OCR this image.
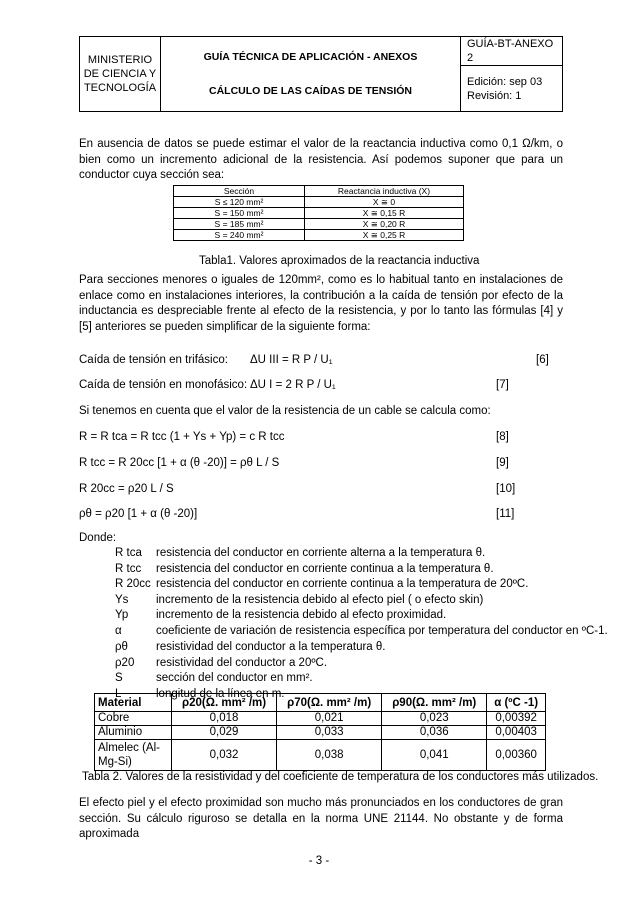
MINISTERIO
DE CIENCIA Y
TECNOLOGÍA

GUÍA TÉCNICA DE APLICACIÓN - ANEXOS
CÁLCULO DE LAS CAÍDAS DE TENSIÓN

GUÍA-BT-ANEXO 2

Edición: sep 03
Revisión: 1
En ausencia de datos se puede estimar el valor de la reactancia inductiva como 0,1 Ω/km, o bien como un incremento adicional de la resistencia. Así podemos suponer que para un conductor cuya sección sea:
Sección	Reactancia inductiva (X)
S ≤ 120 mm²	X ≅ 0
S = 150 mm²	X ≅ 0,15 R
S = 185 mm²	X ≅ 0,20 R
S = 240 mm²	X ≅ 0,25 R
Tabla1. Valores aproximados de la reactancia inductiva
Para secciones menores o iguales de 120mm², como es lo habitual tanto en instalaciones de enlace como en instalaciones interiores, la contribución a la caída de tensión por efecto de la inductancia es despreciable frente al efecto de la resistencia, y por lo tanto las fórmulas [4] y [5] anteriores se pueden simplificar de la siguiente forma:
Caída de tensión en trifásico: ΔU III = R P / U₁	[6]
Caída de tensión en monofásico: ΔU I = 2 R P / U₁	[7]
Si tenemos en cuenta que el valor de la resistencia de un cable se calcula como:
R = R tca = R tcc (1 + Ys + Yp) = c R tcc	[8]
R tcc = R 20cc [1 + α (θ -20)] = ρθ L / S	[9]
R 20cc = ρ20 L / S	[10]
ρθ = ρ20 [1 + α (θ -20)]	[11]
Donde:
R tca	resistencia del conductor en corriente alterna a la temperatura θ.
R tcc	resistencia del conductor en corriente continua a la temperatura θ.
R 20cc resistencia del conductor en corriente continua a la temperatura de 20ºC.
Ys	incremento de la resistencia debido al efecto piel ( o efecto skin)
Yp	incremento de la resistencia debido al efecto proximidad.
α	coeficiente de variación de resistencia específica por temperatura del conductor en ºC-1.
ρθ	resistividad del conductor a la temperatura θ.
ρ20	resistividad del conductor a 20ºC.
S	sección del conductor en mm².
L	longitud de la línea en m.
Material	ρ20(Ω. mm² /m)	ρ70(Ω. mm² /m)	ρ90(Ω. mm² /m)	α (ºC -1)
Cobre	0,018	0,021	0,023	0,00392
Aluminio	0,029	0,033	0,036	0,00403
Almelec (Al-Mg-Si)	0,032	0,038	0,041	0,00360
Tabla 2. Valores de la resistividad y del coeficiente de temperatura de los conductores más utilizados.
El efecto piel y el efecto proximidad son mucho más pronunciados en los conductores de gran sección. Su cálculo riguroso se detalla en la norma UNE 21144. No obstante y de forma aproximada
- 3 -
